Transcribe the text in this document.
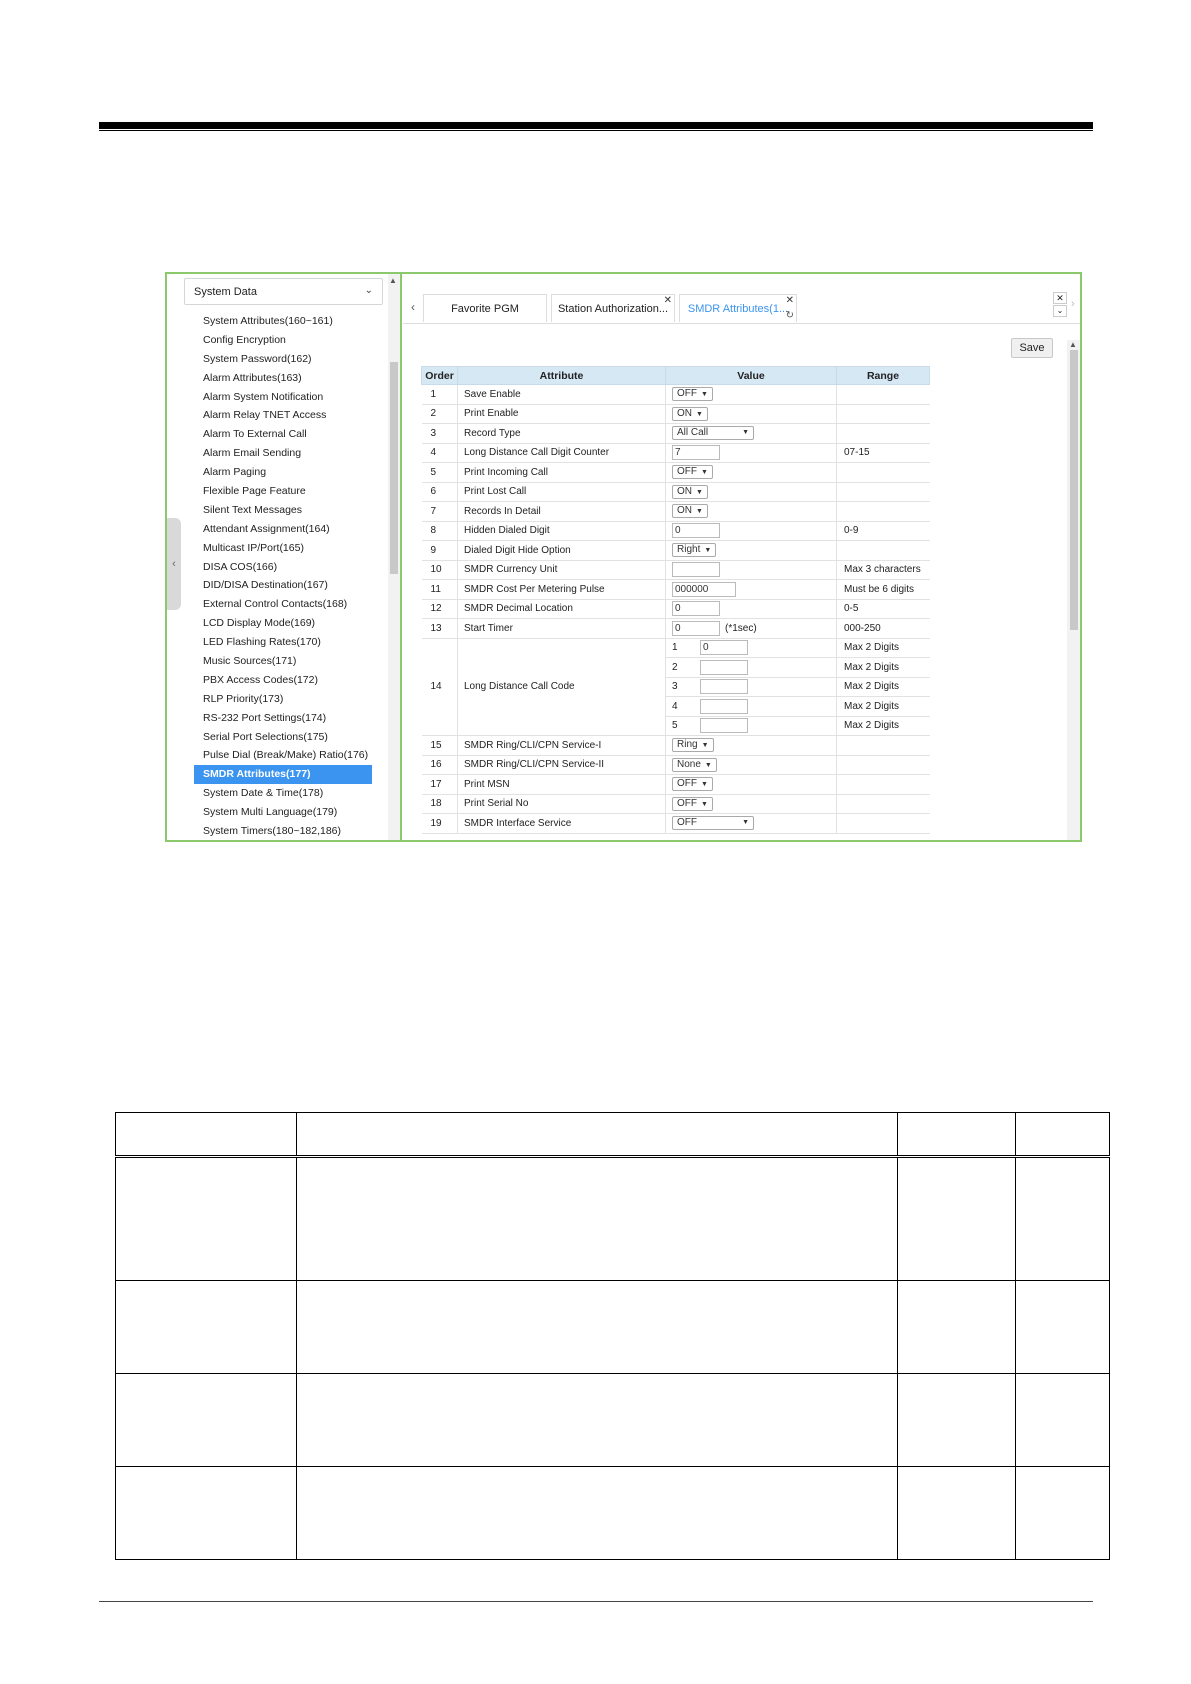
‹
System Data	⌄
System Attributes(160~161)
Config Encryption
System Password(162)
Alarm Attributes(163)
Alarm System Notification
Alarm Relay TNET Access
Alarm To External Call
Alarm Email Sending
Alarm Paging
Flexible Page Feature
Silent Text Messages
Attendant Assignment(164)
Multicast IP/Port(165)
DISA COS(166)
DID/DISA Destination(167)
External Control Contacts(168)
LCD Display Mode(169)
LED Flashing Rates(170)
Music Sources(171)
PBX Access Codes(172)
RLP Priority(173)
RS-232 Port Settings(174)
Serial Port Selections(175)
Pulse Dial (Break/Make) Ratio(176)
SMDR Attributes(177)
System Date & Time(178)
System Multi Language(179)
System Timers(180~182,186)
▲
‹	Favorite PGM	Station Authorization...
✕
SMDR Attributes(1...
✕
↻
✕
⌄
›
Save	▲
Order	Attribute	Value	Range
1	Save Enable	OFF ▼	
2	Print Enable	ON ▼	
3	Record Type	All Call ▼	

4	Long Distance Call Digit Counter	7	07-15
5	Print Incoming Call	OFF ▼	
6	Print Lost Call	ON ▼	
7	Records In Detail	ON ▼	
8	Hidden Dialed Digit	0	0-9
9	Dialed Digit Hide Option	Right ▼	
10	SMDR Currency Unit		Max 3 characters
11	SMDR Cost Per Metering Pulse	000000	Must be 6 digits
12	SMDR Decimal Location	0	0-5
13	Start Timer	0 (*1sec)	000-250
14	Long Distance Call Code	1 0	Max 2 Digits
		2	Max 2 Digits
		3	Max 2 Digits
		4	Max 2 Digits
		5	Max 2 Digits
15	SMDR Ring/CLI/CPN Service-I	Ring ▼	
16	SMDR Ring/CLI/CPN Service-II	None ▼	
17	Print MSN	OFF ▼	
18	Print Serial No	OFF ▼	
19	SMDR Interface Service	OFF ▼	
